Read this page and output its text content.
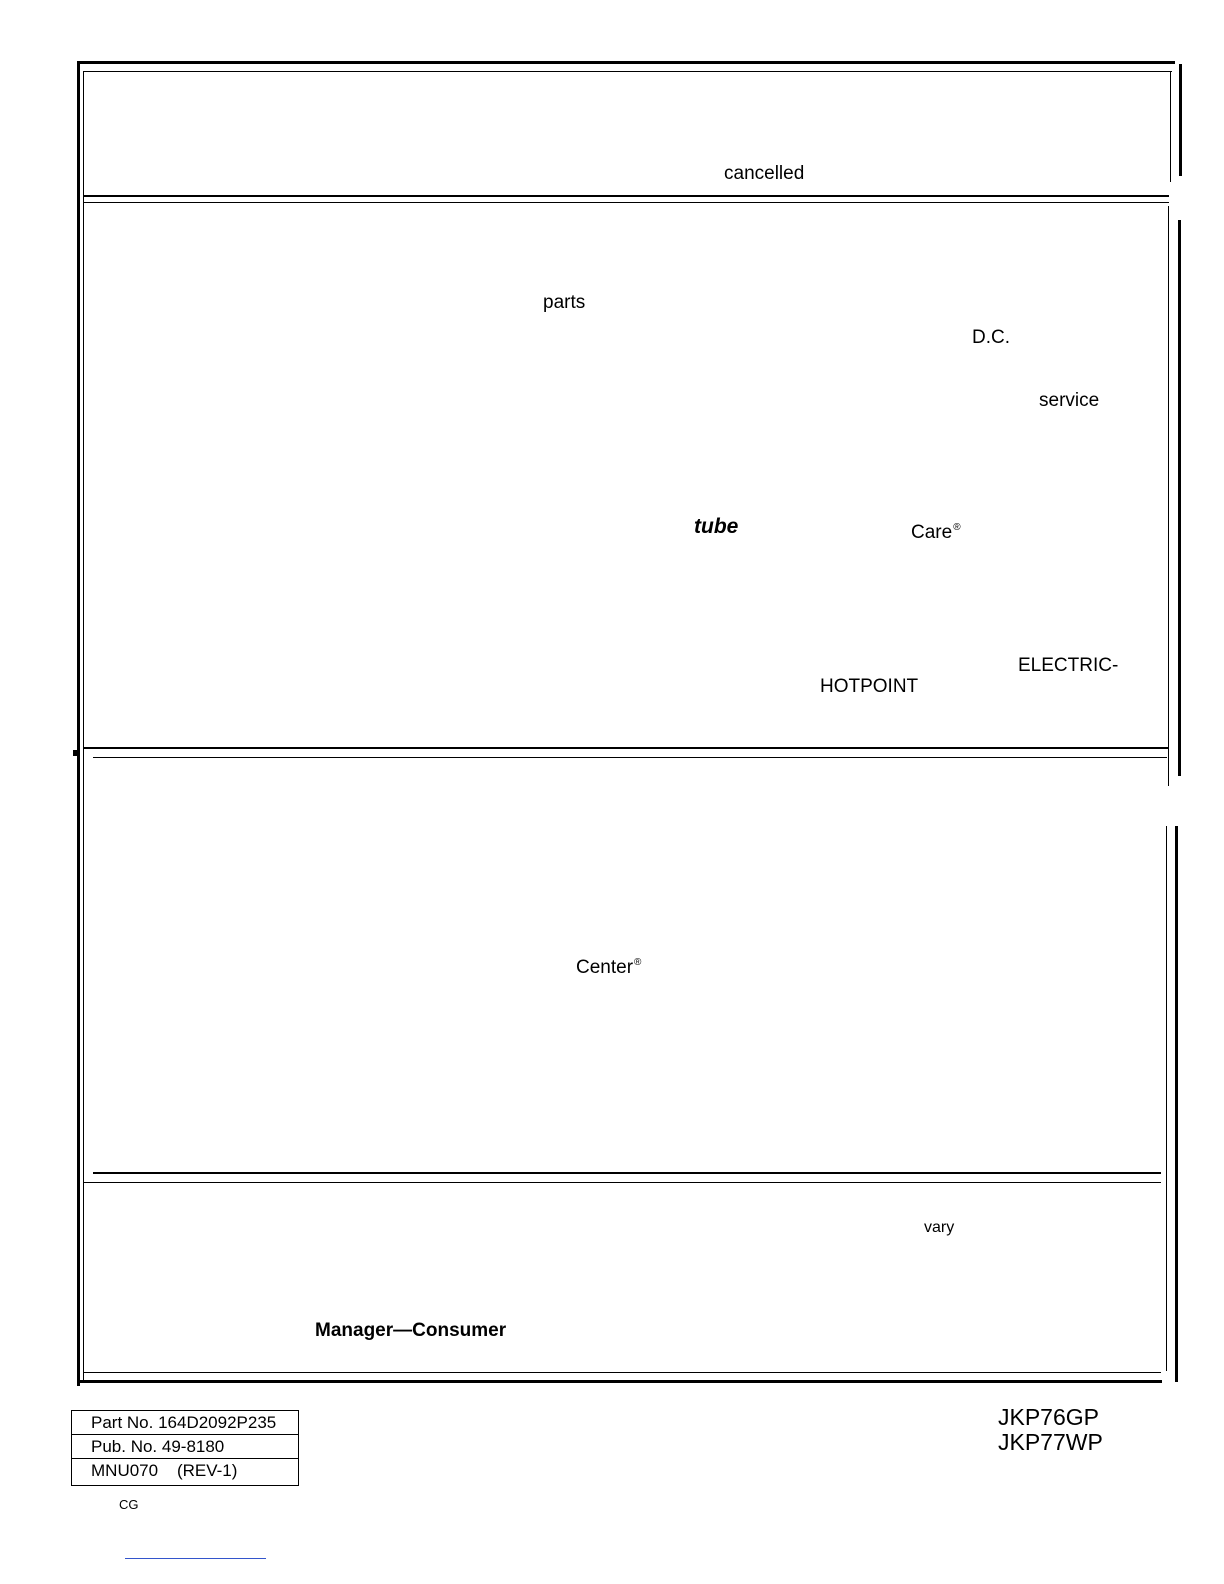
cancelled
parts
D.C.
service
tube	Care®
ELECTRIC-
HOTPOINT
Center®
vary
Manager—Consumer
Part No. 164D2092P235
Pub. No. 49-8180
MNU070    (REV-1)
CG
JKP76GP
JKP77WP
